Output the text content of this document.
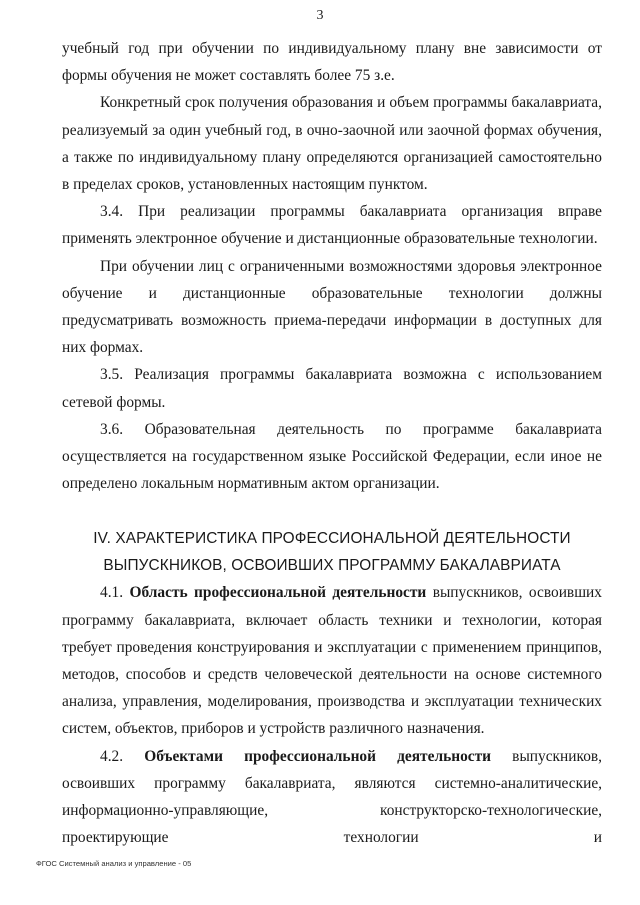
3

учебный год при обучении по индивидуальному плану вне зависимости от формы обучения не может составлять более 75 з.е.

Конкретный срок получения образования и объем программы бакалавриата, реализуемый за один учебный год, в очно-заочной или заочной формах обучения, а также по индивидуальному плану определяются организацией самостоятельно в пределах сроков, установленных настоящим пунктом.

3.4. При реализации программы бакалавриата организация вправе применять электронное обучение и дистанционные образовательные технологии.

При обучении лиц с ограниченными возможностями здоровья электронное обучение и дистанционные образовательные технологии должны предусматривать возможность приема-передачи информации в доступных для них формах.

3.5. Реализация программы бакалавриата возможна с использованием сетевой формы.

3.6. Образовательная деятельность по программе бакалавриата осуществляется на государственном языке Российской Федерации, если иное не определено локальным нормативным актом организации.

IV. ХАРАКТЕРИСТИКА ПРОФЕССИОНАЛЬНОЙ ДЕЯТЕЛЬНОСТИ
ВЫПУСКНИКОВ, ОСВОИВШИХ ПРОГРАММУ БАКАЛАВРИАТА

4.1. Область профессиональной деятельности выпускников, освоивших программу бакалавриата, включает область техники и технологии, которая требует проведения конструирования и эксплуатации с применением принципов, методов, способов и средств человеческой деятельности на основе системного анализа, управления, моделирования, производства и эксплуатации технических систем, объектов, приборов и устройств различного назначения.

4.2. Объектами профессиональной деятельности выпускников, освоивших программу бакалавриата, являются системно-аналитические, информационно-управляющие, конструкторско-технологические, проектирующие технологии и

ФГОС Системный анализ и управление - 05
